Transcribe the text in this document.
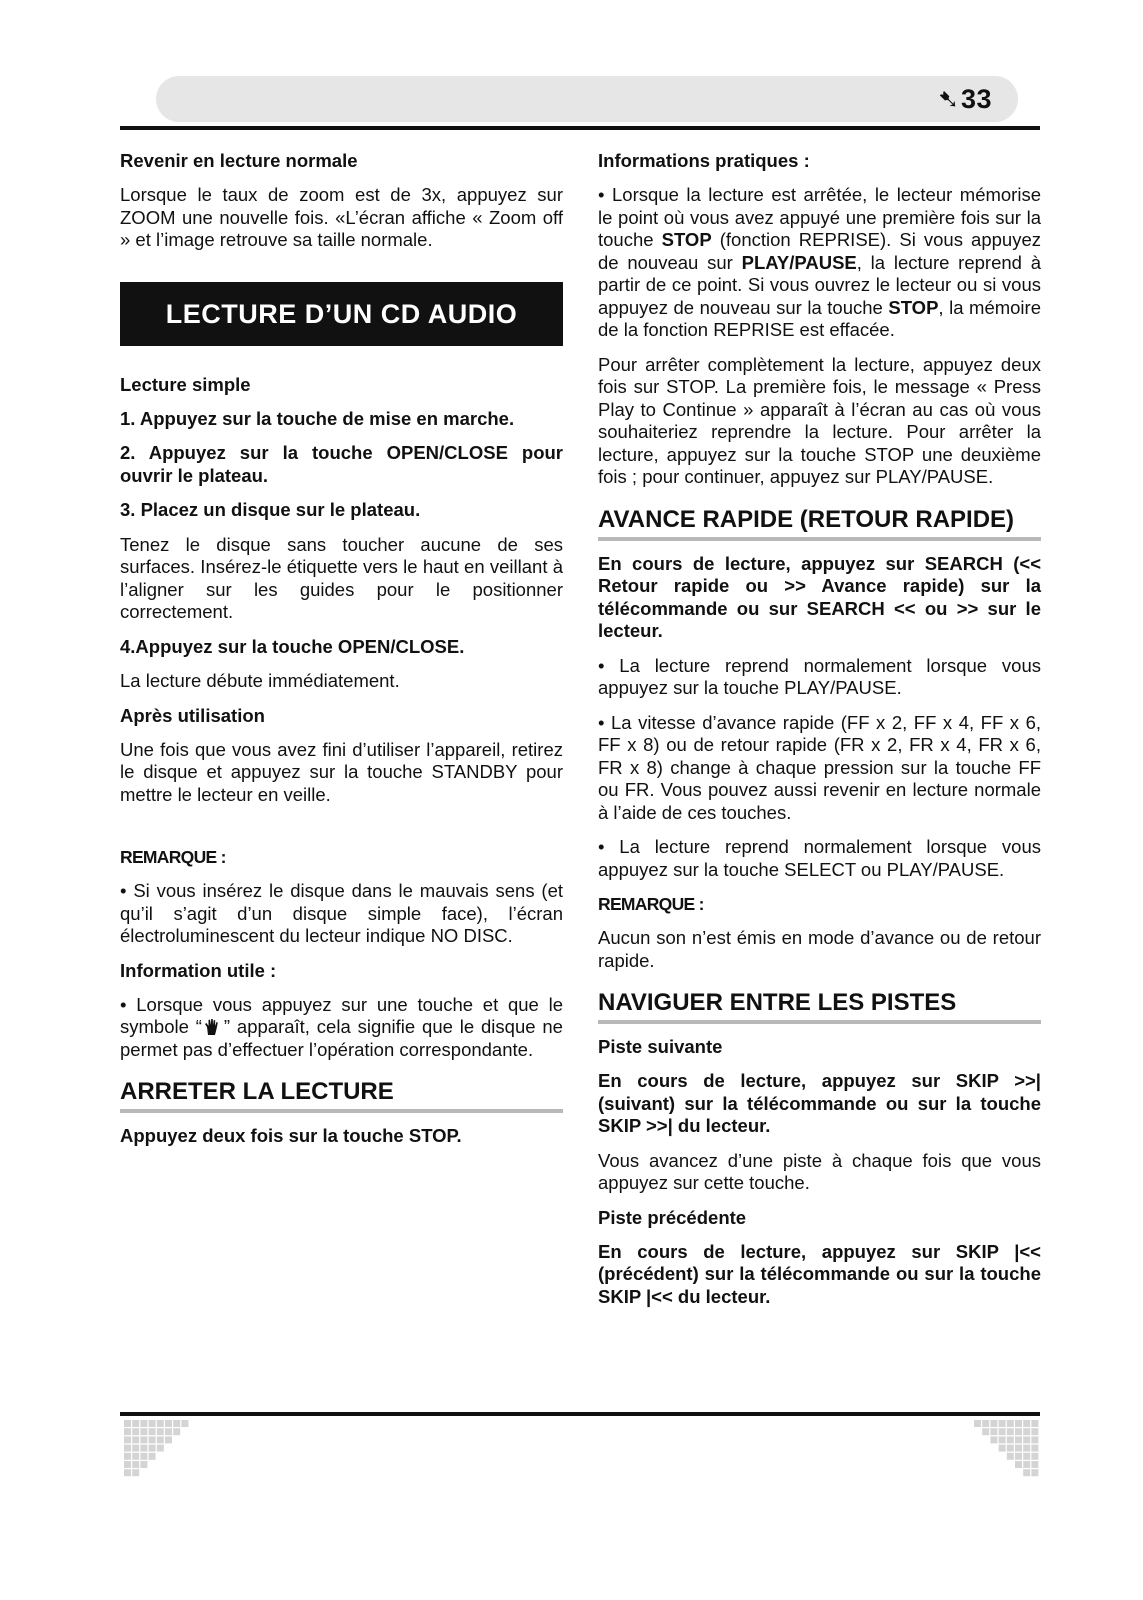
➷33
Revenir en lecture normale
Lorsque le taux de zoom est de 3x, appuyez sur ZOOM une nouvelle fois. «L’écran affiche « Zoom off » et l’image retrouve sa taille normale.
LECTURE D’UN CD AUDIO
Lecture simple
1. Appuyez sur la touche de mise en marche.
2. Appuyez sur la touche OPEN/CLOSE pour ouvrir le plateau.
3. Placez un disque sur le plateau.
Tenez le disque sans toucher aucune de ses surfaces. Insérez-le étiquette vers le haut en veillant à l’aligner sur les guides pour le positionner correctement.
4.Appuyez sur la touche OPEN/CLOSE.
La lecture débute immédiatement.
Après utilisation
Une fois que vous avez fini d’utiliser l’appareil, retirez le disque et appuyez sur la touche STANDBY pour mettre le lecteur en veille.
REMARQUE :
• Si vous insérez le disque dans le mauvais sens (et qu’il s’agit d’un disque simple face), l’écran électroluminescent du lecteur indique NO DISC.
Information utile :
• Lorsque vous appuyez sur une touche et que le symbole “ ” apparaît, cela signifie que le disque ne permet pas d’effectuer l’opération correspondante.
ARRETER LA LECTURE
Appuyez deux fois sur la touche STOP.
Informations pratiques :
• Lorsque la lecture est arrêtée, le lecteur mémorise le point où vous avez appuyé une première fois sur la touche STOP (fonction REPRISE). Si vous appuyez de nouveau sur PLAY/PAUSE, la lecture reprend à partir de ce point. Si vous ouvrez le lecteur ou si vous appuyez de nouveau sur la touche STOP, la mémoire de la fonction REPRISE est effacée.
Pour arrêter complètement la lecture, appuyez deux fois sur STOP. La première fois, le message « Press Play to Continue » apparaît à l’écran au cas où vous souhaiteriez reprendre la lecture. Pour arrêter la lecture, appuyez sur la touche STOP une deuxième fois ; pour continuer, appuyez sur PLAY/PAUSE.
AVANCE RAPIDE (RETOUR RAPIDE)
En cours de lecture, appuyez sur SEARCH (<< Retour rapide ou >> Avance rapide) sur la télécommande ou sur SEARCH << ou >> sur le lecteur.
• La lecture reprend normalement lorsque vous appuyez sur la touche PLAY/PAUSE.
• La vitesse d’avance rapide (FF x 2, FF x 4, FF x 6, FF x 8) ou de retour rapide (FR x 2, FR x 4, FR x 6, FR x 8) change à chaque pression sur la touche FF ou FR. Vous pouvez aussi revenir en lecture normale à l’aide de ces touches.
• La lecture reprend normalement lorsque vous appuyez sur la touche SELECT ou PLAY/PAUSE.
REMARQUE :
Aucun son n’est émis en mode d’avance ou de retour rapide.
NAVIGUER ENTRE LES PISTES
Piste suivante
En cours de lecture, appuyez sur SKIP >>| (suivant) sur la télécommande ou sur la touche SKIP >>| du lecteur.
Vous avancez d’une piste à chaque fois que vous appuyez sur cette touche.
Piste précédente
En cours de lecture, appuyez sur SKIP |<< (précédent) sur la télécommande ou sur la touche SKIP |<< du lecteur.
